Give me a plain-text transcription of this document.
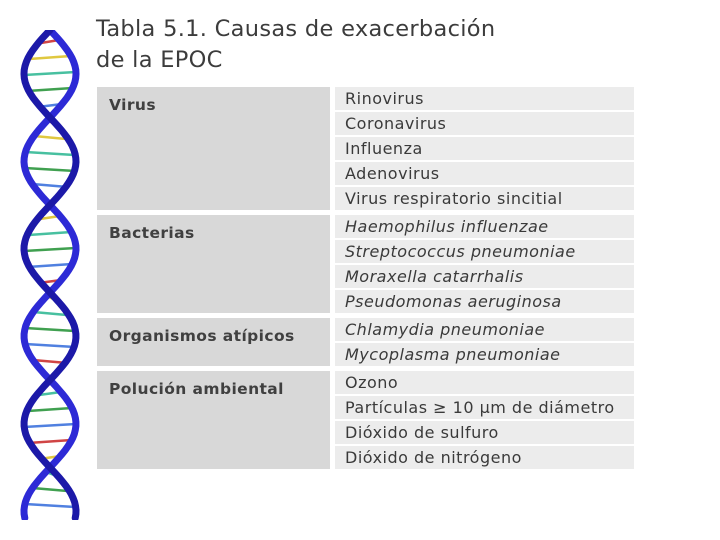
Tabla 5.1. Causas de exacerbación
de la EPOC
Virus	Rinovirus
Coronavirus
Influenza
Adenovirus
Virus respiratorio sincitial
Bacterias	Haemophilus influenzae
Streptococcus pneumoniae
Moraxella catarrhalis
Pseudomonas aeruginosa
Organismos atípicos	Chlamydia pneumoniae
Mycoplasma pneumoniae
Polución ambiental	Ozono
Partículas ≥ 10 μm de diámetro
Dióxido de sulfuro
Dióxido de nitrógeno
